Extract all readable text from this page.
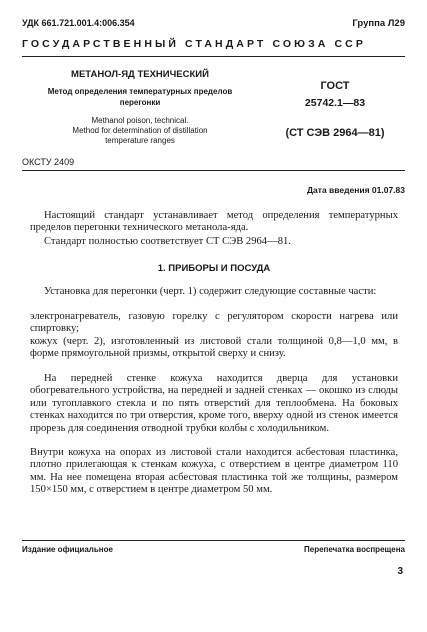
УДК 661.721.001.4:006.354	Группа Л29
ГОСУДАРСТВЕННЫЙ СТАНДАРТ СОЮЗА ССР
МЕТАНОЛ-ЯД ТЕХНИЧЕСКИЙ
Метод определения температурных пределов
перегонки
Methanol poison, technical.
Method for determination of distillation
temperature ranges
ГОСТ
25742.1—83
(СТ СЭВ 2964—81)
ОКСТУ 2409
Дата введения 01.07.83
Настоящий стандарт устанавливает метод определения температурных пределов перегонки технического метанола-яда.
Стандарт полностью соответствует СТ СЭВ 2964—81.
1. ПРИБОРЫ И ПОСУДА
Установка для перегонки (черт. 1) содержит следующие составные части:
электронагреватель, газовую горелку с регулятором скорости нагрева или спиртовку;
кожух (черт. 2), изготовленный из листовой стали толщиной 0,8—1,0 мм, в форме прямоугольной призмы, открытой сверху и снизу.
На передней стенке кожуха находится дверца для установки обогревательного устройства, на передней и задней стенках — окошко из слюды или тугоплавкого стекла и по пять отверстий для теплообмена. На боковых стенках находится по три отверстия, кроме того, вверху одной из стенок имеется прорезь для соединения отводной трубки колбы с холодильником.
Внутри кожуха на опорах из листовой стали находится асбестовая пластинка, плотно прилегающая к стенкам кожуха, с отверстием в центре диаметром 110 мм. На нее помещена вторая асбестовая пластинка той же толщины, размером 150×150 мм, с отверстием в центре диаметром 50 мм.
Издание официальное	Перепечатка воспрещена
3
